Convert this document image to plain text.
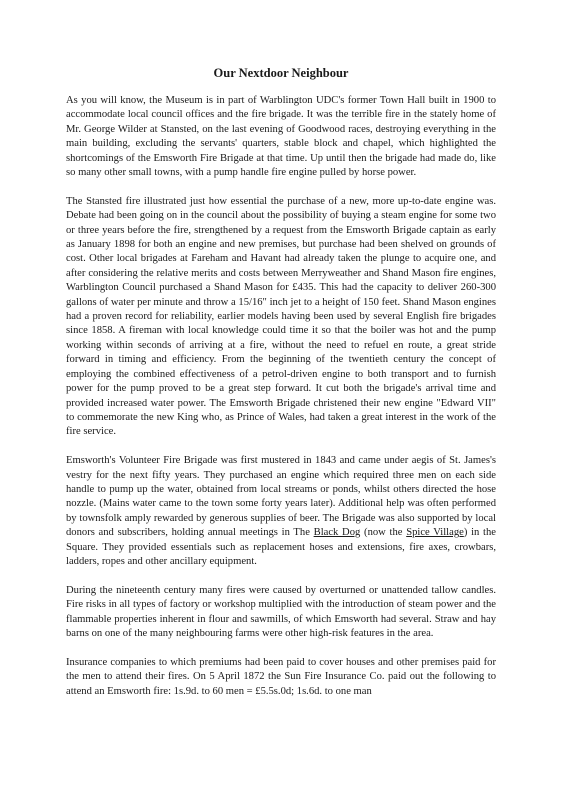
Our Nextdoor Neighbour

As you will know, the Museum is in part of Warblington UDC's former Town Hall built in 1900 to accommodate local council offices and the fire brigade. It was the terrible fire in the stately home of Mr. George Wilder at Stansted, on the last evening of Goodwood races, destroying everything in the main building, excluding the servants' quarters, stable block and chapel, which highlighted the shortcomings of the Emsworth Fire Brigade at that time. Up until then the brigade had made do, like so many other small towns, with a pump handle fire engine pulled by horse power.

The Stansted fire illustrated just how essential the purchase of a new, more up-to-date engine was. Debate had been going on in the council about the possibility of buying a steam engine for some two or three years before the fire, strengthened by a request from the Emsworth Brigade captain as early as January 1898 for both an engine and new premises, but purchase had been shelved on grounds of cost. Other local brigades at Fareham and Havant had already taken the plunge to acquire one, and after considering the relative merits and costs between Merryweather and Shand Mason fire engines, Warblington Council purchased a Shand Mason for £435. This had the capacity to deliver 260-300 gallons of water per minute and throw a 15/16" inch jet to a height of 150 feet. Shand Mason engines had a proven record for reliability, earlier models having been used by several English fire brigades since 1858. A fireman with local knowledge could time it so that the boiler was hot and the pump working within seconds of arriving at a fire, without the need to refuel en route, a great stride forward in timing and efficiency. From the beginning of the twentieth century the concept of employing the combined effectiveness of a petrol-driven engine to both transport and to furnish power for the pump proved to be a great step forward. It cut both the brigade's arrival time and provided increased water power. The Emsworth Brigade christened their new engine "Edward VII" to commemorate the new King who, as Prince of Wales, had taken a great interest in the work of the fire service.

Emsworth's Volunteer Fire Brigade was first mustered in 1843 and came under aegis of St. James's vestry for the next fifty years. They purchased an engine which required three men on each side handle to pump up the water, obtained from local streams or ponds, whilst others directed the hose nozzle. (Mains water came to the town some forty years later). Additional help was often performed by townsfolk amply rewarded by generous supplies of beer. The Brigade was also supported by local donors and subscribers, holding annual meetings in The Black Dog (now the Spice Village) in the Square. They provided essentials such as replacement hoses and extensions, fire axes, crowbars, ladders, ropes and other ancillary equipment.

During the nineteenth century many fires were caused by overturned or unattended tallow candles. Fire risks in all types of factory or workshop multiplied with the introduction of steam power and the flammable properties inherent in flour and sawmills, of which Emsworth had several. Straw and hay barns on one of the many neighbouring farms were other high-risk features in the area.

Insurance companies to which premiums had been paid to cover houses and other premises paid for the men to attend their fires. On 5 April 1872 the Sun Fire Insurance Co. paid out the following to attend an Emsworth fire: 1s.9d. to 60 men = £5.5s.0d; 1s.6d. to one man
